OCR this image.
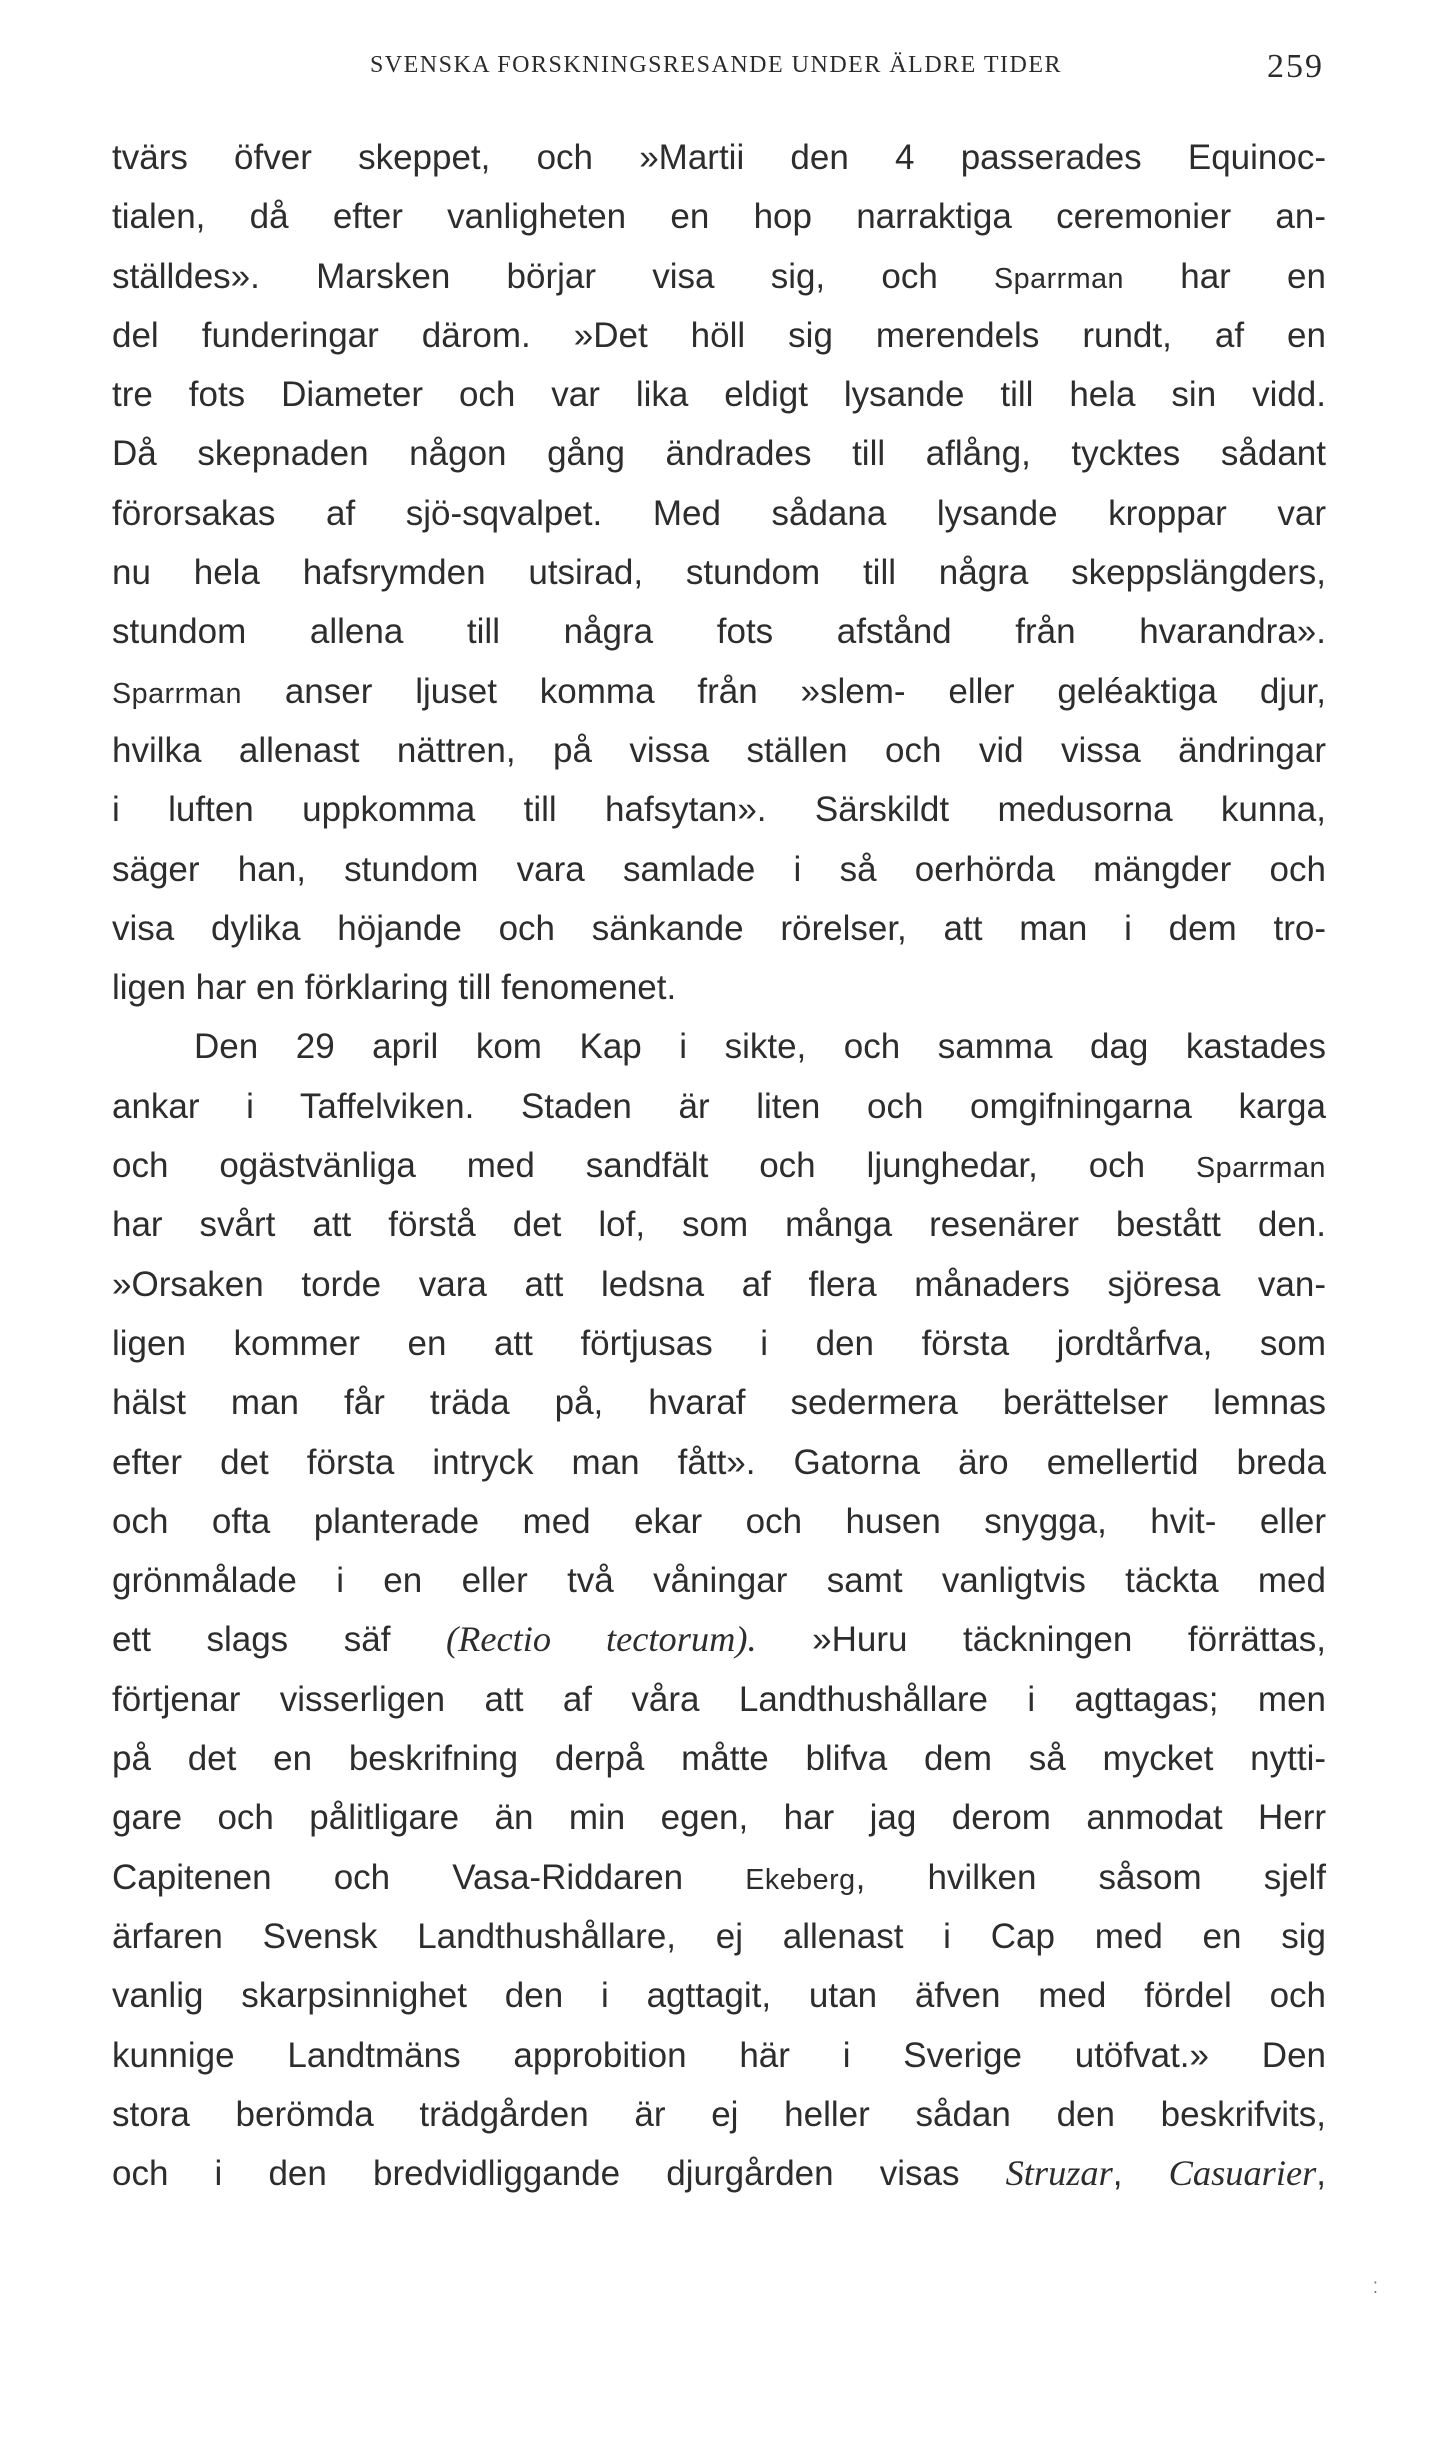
SVENSKA FORSKNINGSRESANDE UNDER ÄLDRE TIDER	259
tvärs öfver skeppet, och »Martii den 4 passerades Equinoc-
tialen, då efter vanligheten en hop narraktiga ceremonier an-
ställdes». Marsken börjar visa sig, och Sparrman har en
del funderingar därom. »Det höll sig merendels rundt, af en
tre fots Diameter och var lika eldigt lysande till hela sin vidd.
Då skepnaden någon gång ändrades till aflång, tycktes sådant
förorsakas af sjö-sqvalpet. Med sådana lysande kroppar var
nu hela hafsrymden utsirad, stundom till några skeppslängders,
stundom allena till några fots afstånd från hvarandra».
Sparrman anser ljuset komma från »slem- eller geléaktiga djur,
hvilka allenast nättren, på vissa ställen och vid vissa ändringar
i luften uppkomma till hafsytan». Särskildt medusorna kunna,
säger han, stundom vara samlade i så oerhörda mängder och
visa dylika höjande och sänkande rörelser, att man i dem tro-
ligen har en förklaring till fenomenet.
Den 29 april kom Kap i sikte, och samma dag kastades
ankar i Taffelviken. Staden är liten och omgifningarna karga
och ogästvänliga med sandfält och ljunghedar, och Sparrman
har svårt att förstå det lof, som många resenärer bestått den.
»Orsaken torde vara att ledsna af flera månaders sjöresa van-
ligen kommer en att förtjusas i den första jordtårfva, som
hälst man får träda på, hvaraf sedermera berättelser lemnas
efter det första intryck man fått». Gatorna äro emellertid breda
och ofta planterade med ekar och husen snygga, hvit- eller
grönmålade i en eller två våningar samt vanligtvis täckta med
ett slags säf (Rectio tectorum). »Huru täckningen förrättas,
förtjenar visserligen att af våra Landthushållare i agttagas; men
på det en beskrifning derpå måtte blifva dem så mycket nytti-
gare och pålitligare än min egen, har jag derom anmodat Herr
Capitenen och Vasa-Riddaren Ekeberg, hvilken såsom sjelf
ärfaren Svensk Landthushållare, ej allenast i Cap med en sig
vanlig skarpsinnighet den i agttagit, utan äfven med fördel och
kunnige Landtmäns approbition här i Sverige utöfvat.» Den
stora berömda trädgården är ej heller sådan den beskrifvits,
och i den bredvidliggande djurgården visas Struzar, Casuarier,
⁚
